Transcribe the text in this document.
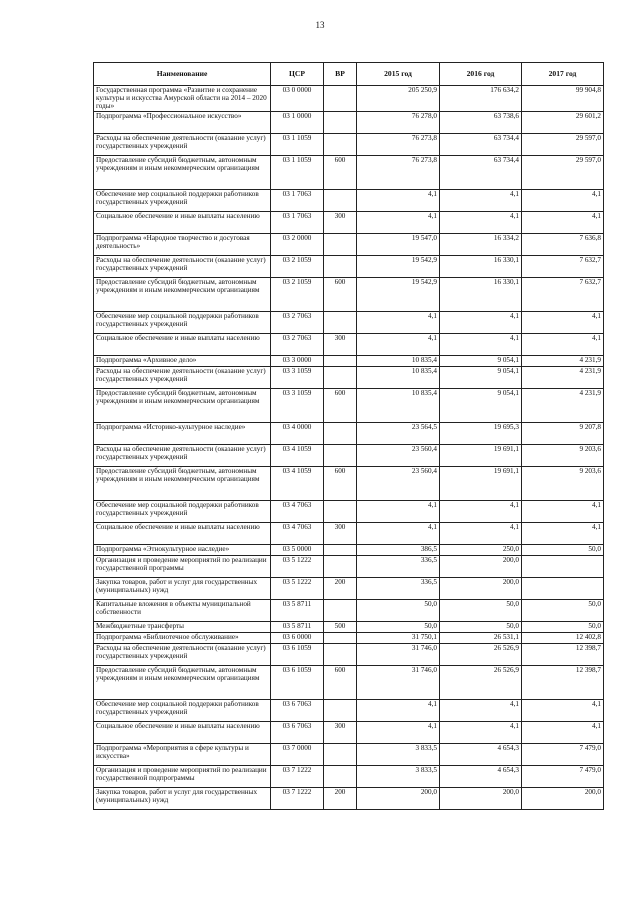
13
Наименование	ЦСР	ВР	2015 год	2016 год	2017 год
Государственная программа «Развитие и сохранение культуры и искусства Амурской области на 2014 – 2020 годы»	03 0 0000		205 250,9	176 634,2	99 904,8
Подпрограмма «Профессиональное искусство»	03 1 0000		76 278,0	63 738,6	29 601,2
Расходы на обеспечение деятельности (оказание услуг) государственных учреждений	03 1 1059		76 273,8	63 734,4	29 597,0
Предоставление субсидий бюджетным, автономным учреждениям и иным некоммерческим организациям	03 1 1059	600	76 273,8	63 734,4	29 597,0
Обеспечение мер социальной поддержки работников государственных учреждений	03 1 7063		4,1	4,1	4,1
Социальное обеспечение и иные выплаты населению	03 1 7063	300	4,1	4,1	4,1
Подпрограмма «Народное творчество и досуговая деятельность»	03 2 0000		19 547,0	16 334,2	7 636,8
Расходы на обеспечение деятельности (оказание услуг) государственных учреждений	03 2 1059		19 542,9	16 330,1	7 632,7
Предоставление субсидий бюджетным, автономным учреждениям и иным некоммерческим организациям	03 2 1059	600	19 542,9	16 330,1	7 632,7
Обеспечение мер социальной поддержки работников государственных учреждений	03 2 7063		4,1	4,1	4,1
Социальное обеспечение и иные выплаты населению	03 2 7063	300	4,1	4,1	4,1
Подпрограмма «Архивное дело»	03 3 0000		10 835,4	9 054,1	4 231,9
Расходы на обеспечение деятельности (оказание услуг) государственных учреждений	03 3 1059		10 835,4	9 054,1	4 231,9
Предоставление субсидий бюджетным, автономным учреждениям и иным некоммерческим организациям	03 3 1059	600	10 835,4	9 054,1	4 231,9
Подпрограмма «Историко-культурное наследие»	03 4 0000		23 564,5	19 695,3	9 207,8
Расходы на обеспечение деятельности (оказание услуг) государственных учреждений	03 4 1059		23 560,4	19 691,1	9 203,6
Предоставление субсидий бюджетным, автономным учреждениям и иным некоммерческим организациям	03 4 1059	600	23 560,4	19 691,1	9 203,6
Обеспечение мер социальной поддержки работников государственных учреждений	03 4 7063		4,1	4,1	4,1
Социальное обеспечение и иные выплаты населению	03 4 7063	300	4,1	4,1	4,1
Подпрограмма «Этнокультурное наследие»	03 5 0000		386,5	250,0	50,0
Организация и проведение мероприятий по реализации государственной программы	03 5 1222		336,5	200,0	
Закупка товаров, работ и услуг для государственных (муниципальных) нужд	03 5 1222	200	336,5	200,0	
Капитальные вложения в объекты муниципальной собственности	03 5 8711		50,0	50,0	50,0
Межбюджетные трансферты	03 5 8711	500	50,0	50,0	50,0
Подпрограмма «Библиотечное обслуживание»	03 6 0000		31 750,1	26 531,1	12 402,8
Расходы на обеспечение деятельности (оказание услуг) государственных учреждений	03 6 1059		31 746,0	26 526,9	12 398,7
Предоставление субсидий бюджетным, автономным учреждениям и иным некоммерческим организациям	03 6 1059	600	31 746,0	26 526,9	12 398,7
Обеспечение мер социальной поддержки работников государственных учреждений	03 6 7063		4,1	4,1	4,1
Социальное обеспечение и иные выплаты населению	03 6 7063	300	4,1	4,1	4,1
Подпрограмма «Мероприятия в сфере культуры и искусства»	03 7 0000		3 833,5	4 654,3	7 479,0
Организация и проведение мероприятий по реализации государственной подпрограммы	03 7 1222		3 833,5	4 654,3	7 479,0
Закупка товаров, работ и услуг для государственных (муниципальных) нужд	03 7 1222	200	200,0	200,0	200,0
